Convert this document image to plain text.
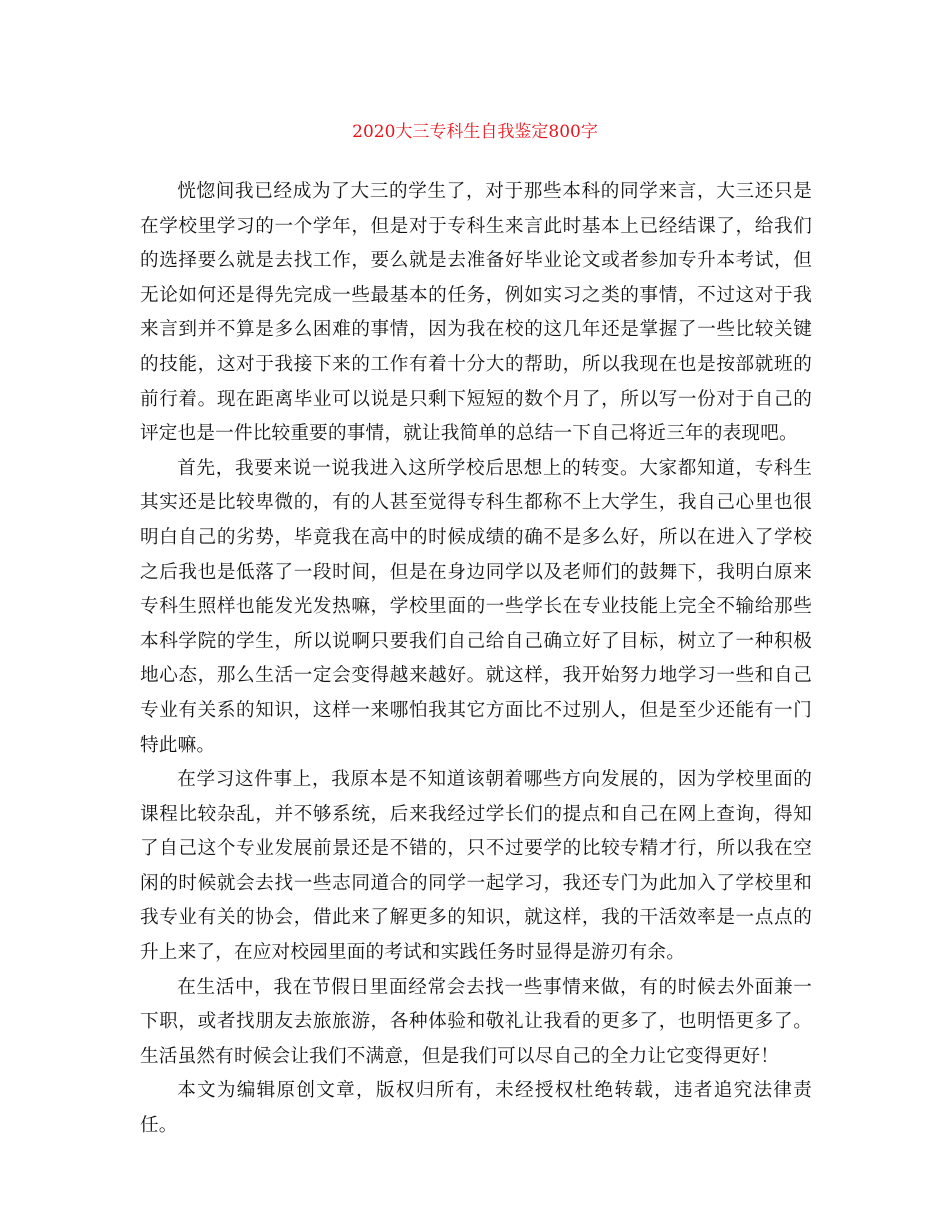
2020大三专科生自我鉴定800字

恍惚间我已经成为了大三的学生了，对于那些本科的同学来言，大三还只是在学校里学习的一个学年，但是对于专科生来言此时基本上已经结课了，给我们的选择要么就是去找工作，要么就是去准备好毕业论文或者参加专升本考试，但无论如何还是得先完成一些最基本的任务，例如实习之类的事情，不过这对于我来言到并不算是多么困难的事情，因为我在校的这几年还是掌握了一些比较关键的技能，这对于我接下来的工作有着十分大的帮助，所以我现在也是按部就班的前行着。现在距离毕业可以说是只剩下短短的数个月了，所以写一份对于自己的评定也是一件比较重要的事情，就让我简单的总结一下自己将近三年的表现吧。

首先，我要来说一说我进入这所学校后思想上的转变。大家都知道，专科生其实还是比较卑微的，有的人甚至觉得专科生都称不上大学生，我自己心里也很明白自己的劣势，毕竟我在高中的时候成绩的确不是多么好，所以在进入了学校之后我也是低落了一段时间，但是在身边同学以及老师们的鼓舞下，我明白原来专科生照样也能发光发热嘛，学校里面的一些学长在专业技能上完全不输给那些本科学院的学生，所以说啊只要我们自己给自己确立好了目标，树立了一种积极地心态，那么生活一定会变得越来越好。就这样，我开始努力地学习一些和自己专业有关系的知识，这样一来哪怕我其它方面比不过别人，但是至少还能有一门特此嘛。

在学习这件事上，我原本是不知道该朝着哪些方向发展的，因为学校里面的课程比较杂乱，并不够系统，后来我经过学长们的提点和自己在网上查询，得知了自己这个专业发展前景还是不错的，只不过要学的比较专精才行，所以我在空闲的时候就会去找一些志同道合的同学一起学习，我还专门为此加入了学校里和我专业有关的协会，借此来了解更多的知识，就这样，我的干活效率是一点点的升上来了，在应对校园里面的考试和实践任务时显得是游刃有余。

在生活中，我在节假日里面经常会去找一些事情来做，有的时候去外面兼一下职，或者找朋友去旅旅游，各种体验和敬礼让我看的更多了，也明悟更多了。生活虽然有时候会让我们不满意，但是我们可以尽自己的全力让它变得更好！

本文为编辑原创文章，版权归所有，未经授权杜绝转载，违者追究法律责任。
